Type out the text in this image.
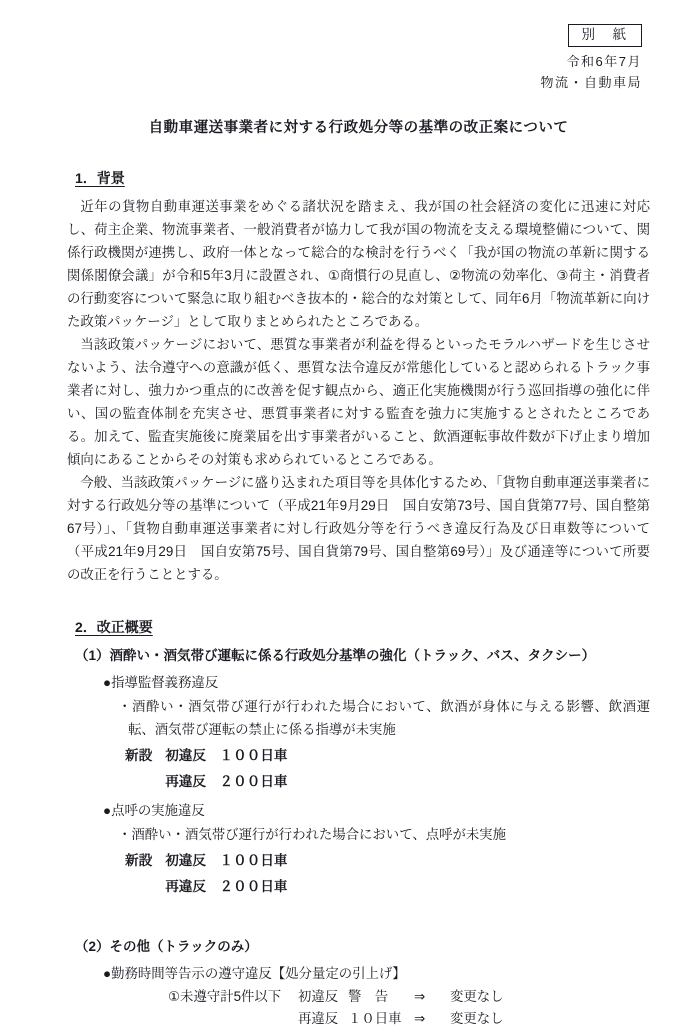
別　紙
令和6年7月
物流・自動車局
自動車運送事業者に対する行政処分等の基準の改正案について
1．背景

近年の貨物自動車運送事業をめぐる諸状況を踏まえ、我が国の社会経済の変化に迅速に対応し、荷主企業、物流事業者、一般消費者が協力して我が国の物流を支える環境整備について、関係行政機関が連携し、政府一体となって総合的な検討を行うべく「我が国の物流の革新に関する関係閣僚会議」が令和5年3月に設置され、①商慣行の見直し、②物流の効率化、③荷主・消費者の行動変容について緊急に取り組むべき抜本的・総合的な対策として、同年6月「物流革新に向けた政策パッケージ」として取りまとめられたところである。

当該政策パッケージにおいて、悪質な事業者が利益を得るといったモラルハザードを生じさせないよう、法令遵守への意識が低く、悪質な法令違反が常態化していると認められるトラック事業者に対し、強力かつ重点的に改善を促す観点から、適正化実施機関が行う巡回指導の強化に伴い、国の監査体制を充実させ、悪質事業者に対する監査を強力に実施するとされたところである。加えて、監査実施後に廃業届を出す事業者がいること、飲酒運転事故件数が下げ止まり増加傾向にあることからその対策も求められているところである。

今般、当該政策パッケージに盛り込まれた項目等を具体化するため、「貨物自動車運送事業者に対する行政処分等の基準について（平成21年9月29日　国自安第73号、国自貨第77号、国自整第67号）」、「貨物自動車運送事業者に対し行政処分等を行うべき違反行為及び日車数等について（平成21年9月29日　国自安第75号、国自貨第79号、国自整第69号）」及び通達等について所要の改正を行うこととする。

2．改正概要
（1）酒酔い・酒気帯び運転に係る行政処分基準の強化（トラック、バス、タクシー）
●指導監督義務違反

・酒酔い・酒気帯び運行が行われた場合において、飲酒が身体に与える影響、飲酒運転、酒気帯び運転の禁止に係る指導が未実施

新設 初違反　１００日車
再違反　２００日車
●点呼の実施違反

・酒酔い・酒気帯び運行が行われた場合において、点呼が未実施

新設 初違反　１００日車
再違反　２００日車
（2）その他（トラックのみ）
●勤務時間等告示の遵守違反【処分量定の引上げ】
①未遵守計5件以下	初違反 警　告	⇒	変更なし
再違反 １０日車 ⇒	変更なし
